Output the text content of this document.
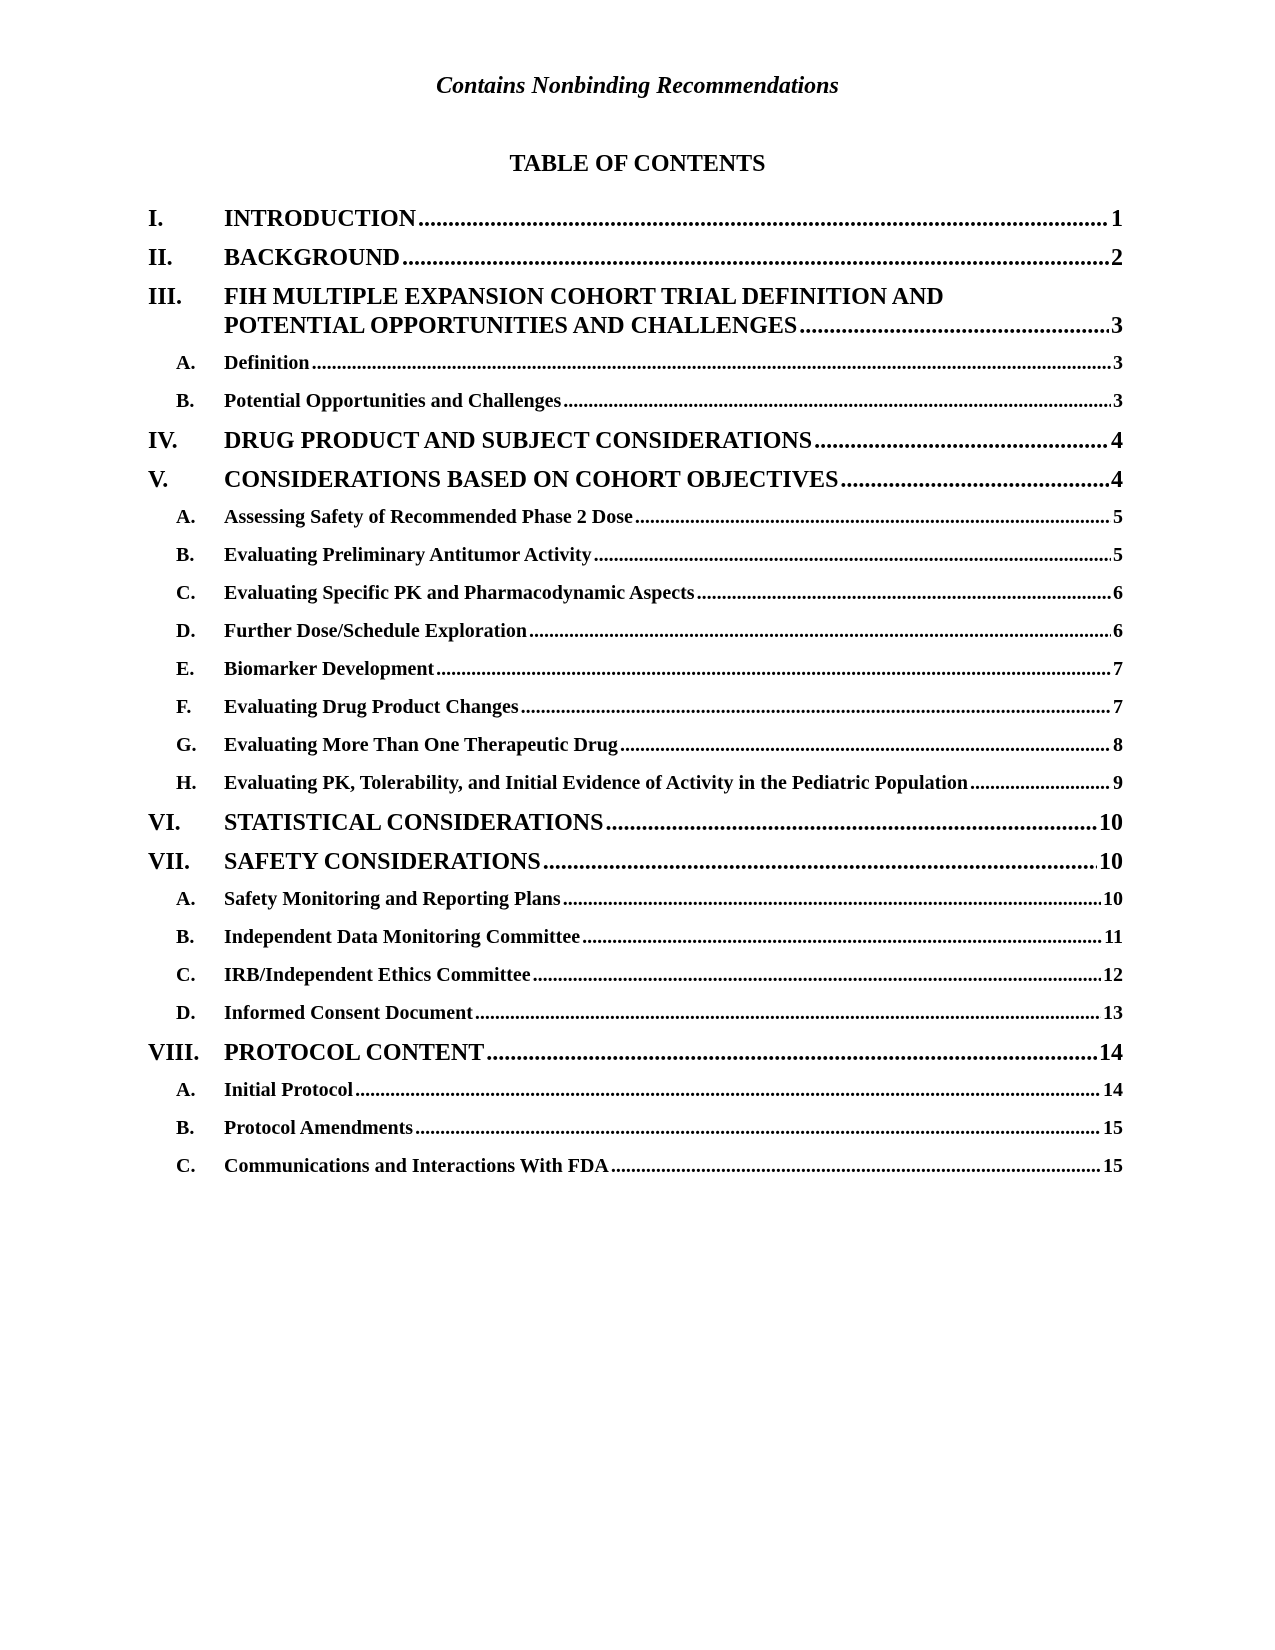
Contains Nonbinding Recommendations
TABLE OF CONTENTS
I.	INTRODUCTION .....	1
II. BACKGROUND .....	2
III. FIH MULTIPLE EXPANSION COHORT TRIAL DEFINITION AND
POTENTIAL OPPORTUNITIES AND CHALLENGES .....	3
A. Definition .....	3
B. Potential Opportunities and Challenges .....	3
IV. DRUG PRODUCT AND SUBJECT CONSIDERATIONS .....	4
V. CONSIDERATIONS BASED ON COHORT OBJECTIVES .....	4
A. Assessing Safety of Recommended Phase 2 Dose .....	5
B. Evaluating Preliminary Antitumor Activity .....	5
C. Evaluating Specific PK and Pharmacodynamic Aspects .....	6
D. Further Dose/Schedule Exploration .....	6
E. Biomarker Development .....	7
F. Evaluating Drug Product Changes .....	7
G. Evaluating More Than One Therapeutic Drug .....	8
H. Evaluating PK, Tolerability, and Initial Evidence of Activity in the Pediatric Population .....	9
VI. STATISTICAL CONSIDERATIONS .....	10
VII. SAFETY CONSIDERATIONS .....	10
A. Safety Monitoring and Reporting Plans .....	10
B. Independent Data Monitoring Committee .....	11
C. IRB/Independent Ethics Committee .....	12
D. Informed Consent Document .....	13
VIII. PROTOCOL CONTENT .....	14
A. Initial Protocol .....	14
B. Protocol Amendments .....	15
C. Communications and Interactions With FDA .....	15
